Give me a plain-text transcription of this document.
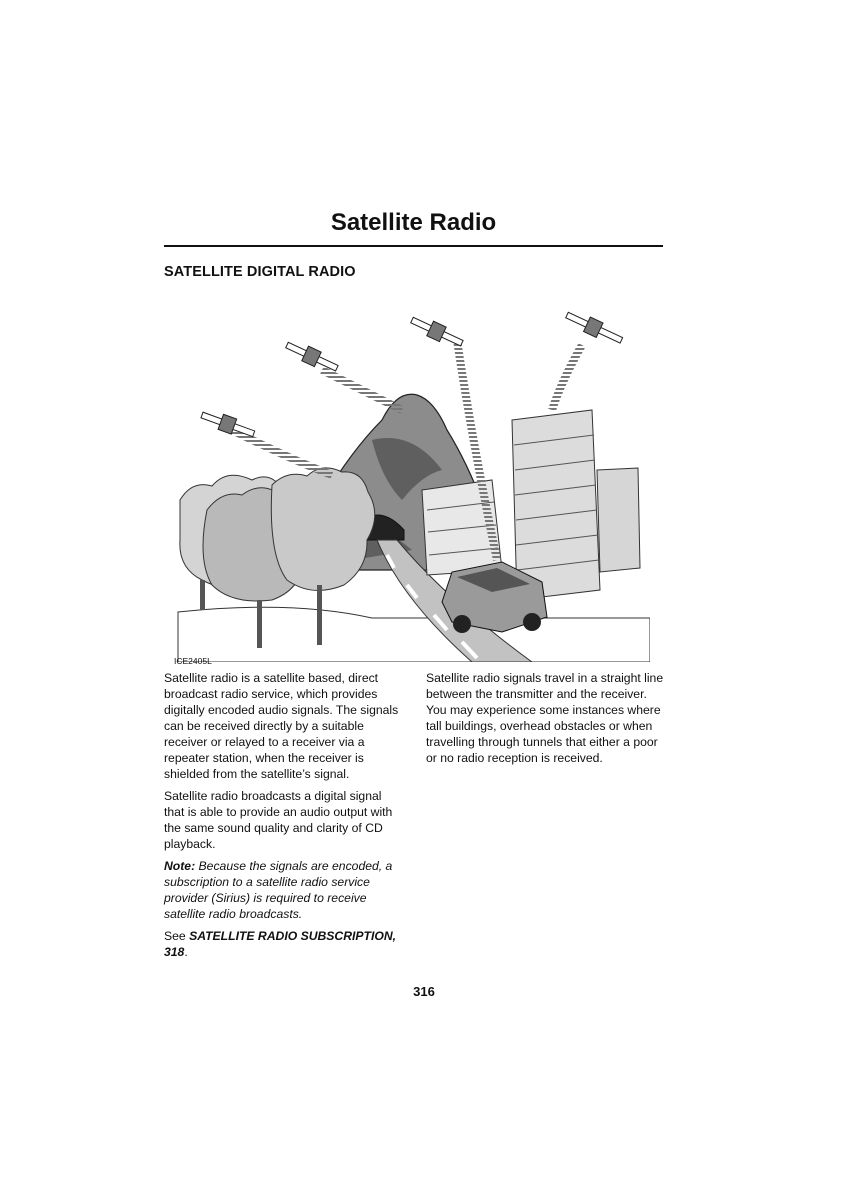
Satellite Radio
SATELLITE DIGITAL RADIO
ICE2405L

Satellite radio is a satellite based, direct broadcast radio service, which provides digitally encoded audio signals. The signals can be received directly by a suitable receiver or relayed to a receiver via a repeater station, when the receiver is shielded from the satellite’s signal.

Satellite radio broadcasts a digital signal that is able to provide an audio output with the same sound quality and clarity of CD playback.

Note: Because the signals are encoded, a subscription to a satellite radio service provider (Sirius) is required to receive satellite radio broadcasts.

See SATELLITE RADIO SUBSCRIPTION, 318.

Satellite radio signals travel in a straight line between the transmitter and the receiver. You may experience some instances where tall buildings, overhead obstacles or when travelling through tunnels that either a poor or no radio reception is received.

316
